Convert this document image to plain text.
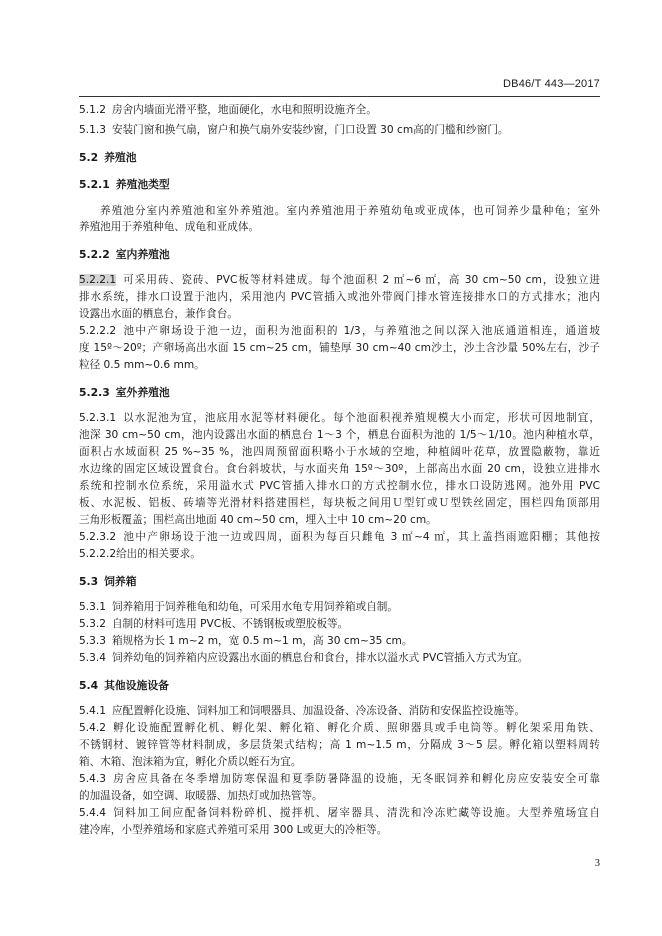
DB46/T 443—2017
5.1.2 房舍内墙面光滑平整，地面硬化，水电和照明设施齐全。
5.1.3 安装门窗和换气扇，窗户和换气扇外安装纱窗，门口设置 30 cm高的门槛和纱窗门。
5.2 养殖池
5.2.1 养殖池类型
养殖池分室内养殖池和室外养殖池。室内养殖池用于养殖幼龟或亚成体，也可饲养少量种龟；室外
养殖池用于养殖种龟、成龟和亚成体。
5.2.2 室内养殖池
5.2.2.1 可采用砖、瓷砖、PVC板等材料建成。每个池面积 2 ㎡~6 ㎡，高 30 cm~50 cm，设独立进
排水系统，排水口设置于池内，采用池内 PVC管插入或池外带阀门排水管连接排水口的方式排水；池内
设露出水面的栖息台，兼作食台。
5.2.2.2 池中产卵场设于池一边，面积为池面积的 1/3，与养殖池之间以深入池底通道相连，通道坡
度 15º～20º；产卵场高出水面 15 cm~25 cm，铺垫厚 30 cm~40 cm沙土，沙土含沙量 50%左右，沙子
粒径 0.5 mm~0.6 mm。
5.2.3 室外养殖池
5.2.3.1 以水泥池为宜，池底用水泥等材料硬化。每个池面积视养殖规模大小而定，形状可因地制宜，
池深 30 cm~50 cm，池内设露出水面的栖息台 1～3 个，栖息台面积为池的 1/5～1/10。池内种植水草，
面积占水域面积 25 %~35 %，池四周预留面积略小于水域的空地，种植阔叶花草，放置隐蔽物，靠近
水边缘的固定区域设置食台。食台斜坡状，与水面夹角 15º～30º，上部高出水面 20 cm，设独立进排水
系统和控制水位系统，采用溢水式 PVC管插入排水口的方式控制水位，排水口设防逃网。池外用 PVC
板、水泥板、铝板、砖墙等光滑材料搭建围栏，每块板之间用Ｕ型钉或Ｕ型铁丝固定，围栏四角顶部用
三角形板覆盖；围栏高出地面 40 cm~50 cm，埋入土中 10 cm~20 cm。
5.2.3.2 池中产卵场设于池一边或四周，面积为每百只雌龟 3 ㎡~4 ㎡，其上盖挡雨遮阳棚；其他按
5.2.2.2给出的相关要求。
5.3 饲养箱
5.3.1 饲养箱用于饲养稚龟和幼龟，可采用水龟专用饲养箱或自制。
5.3.2 自制的材料可选用 PVC板、不锈钢板或塑胶板等。
5.3.3 箱规格为长 1 m~2 m，宽 0.5 m~1 m，高 30 cm~35 cm。
5.3.4 饲养幼龟的饲养箱内应设露出水面的栖息台和食台，排水以溢水式 PVC管插入方式为宜。
5.4 其他设施设备
5.4.1 应配置孵化设施、饲料加工和饲喂器具、加温设备、冷冻设备、消防和安保监控设施等。
5.4.2 孵化设施配置孵化机、孵化架、孵化箱、孵化介质、照卵器具或手电筒等。孵化架采用角铁、
不锈钢材、镀锌管等材料制成，多层货架式结构；高 1 m~1.5 m，分隔成 3～5 层。孵化箱以塑料周转
箱、木箱、泡沫箱为宜，孵化介质以蛭石为宜。
5.4.3 房舍应具备在冬季增加防寒保温和夏季防暑降温的设施，无冬眠饲养和孵化房应安装安全可靠
的加温设备，如空调、取暖器、加热灯或加热管等。
5.4.4 饲料加工间应配备饲料粉碎机、搅拌机、屠宰器具、清洗和冷冻贮藏等设施。大型养殖场宜自
建冷库，小型养殖场和家庭式养殖可采用 300 L或更大的冷柜等。
3
